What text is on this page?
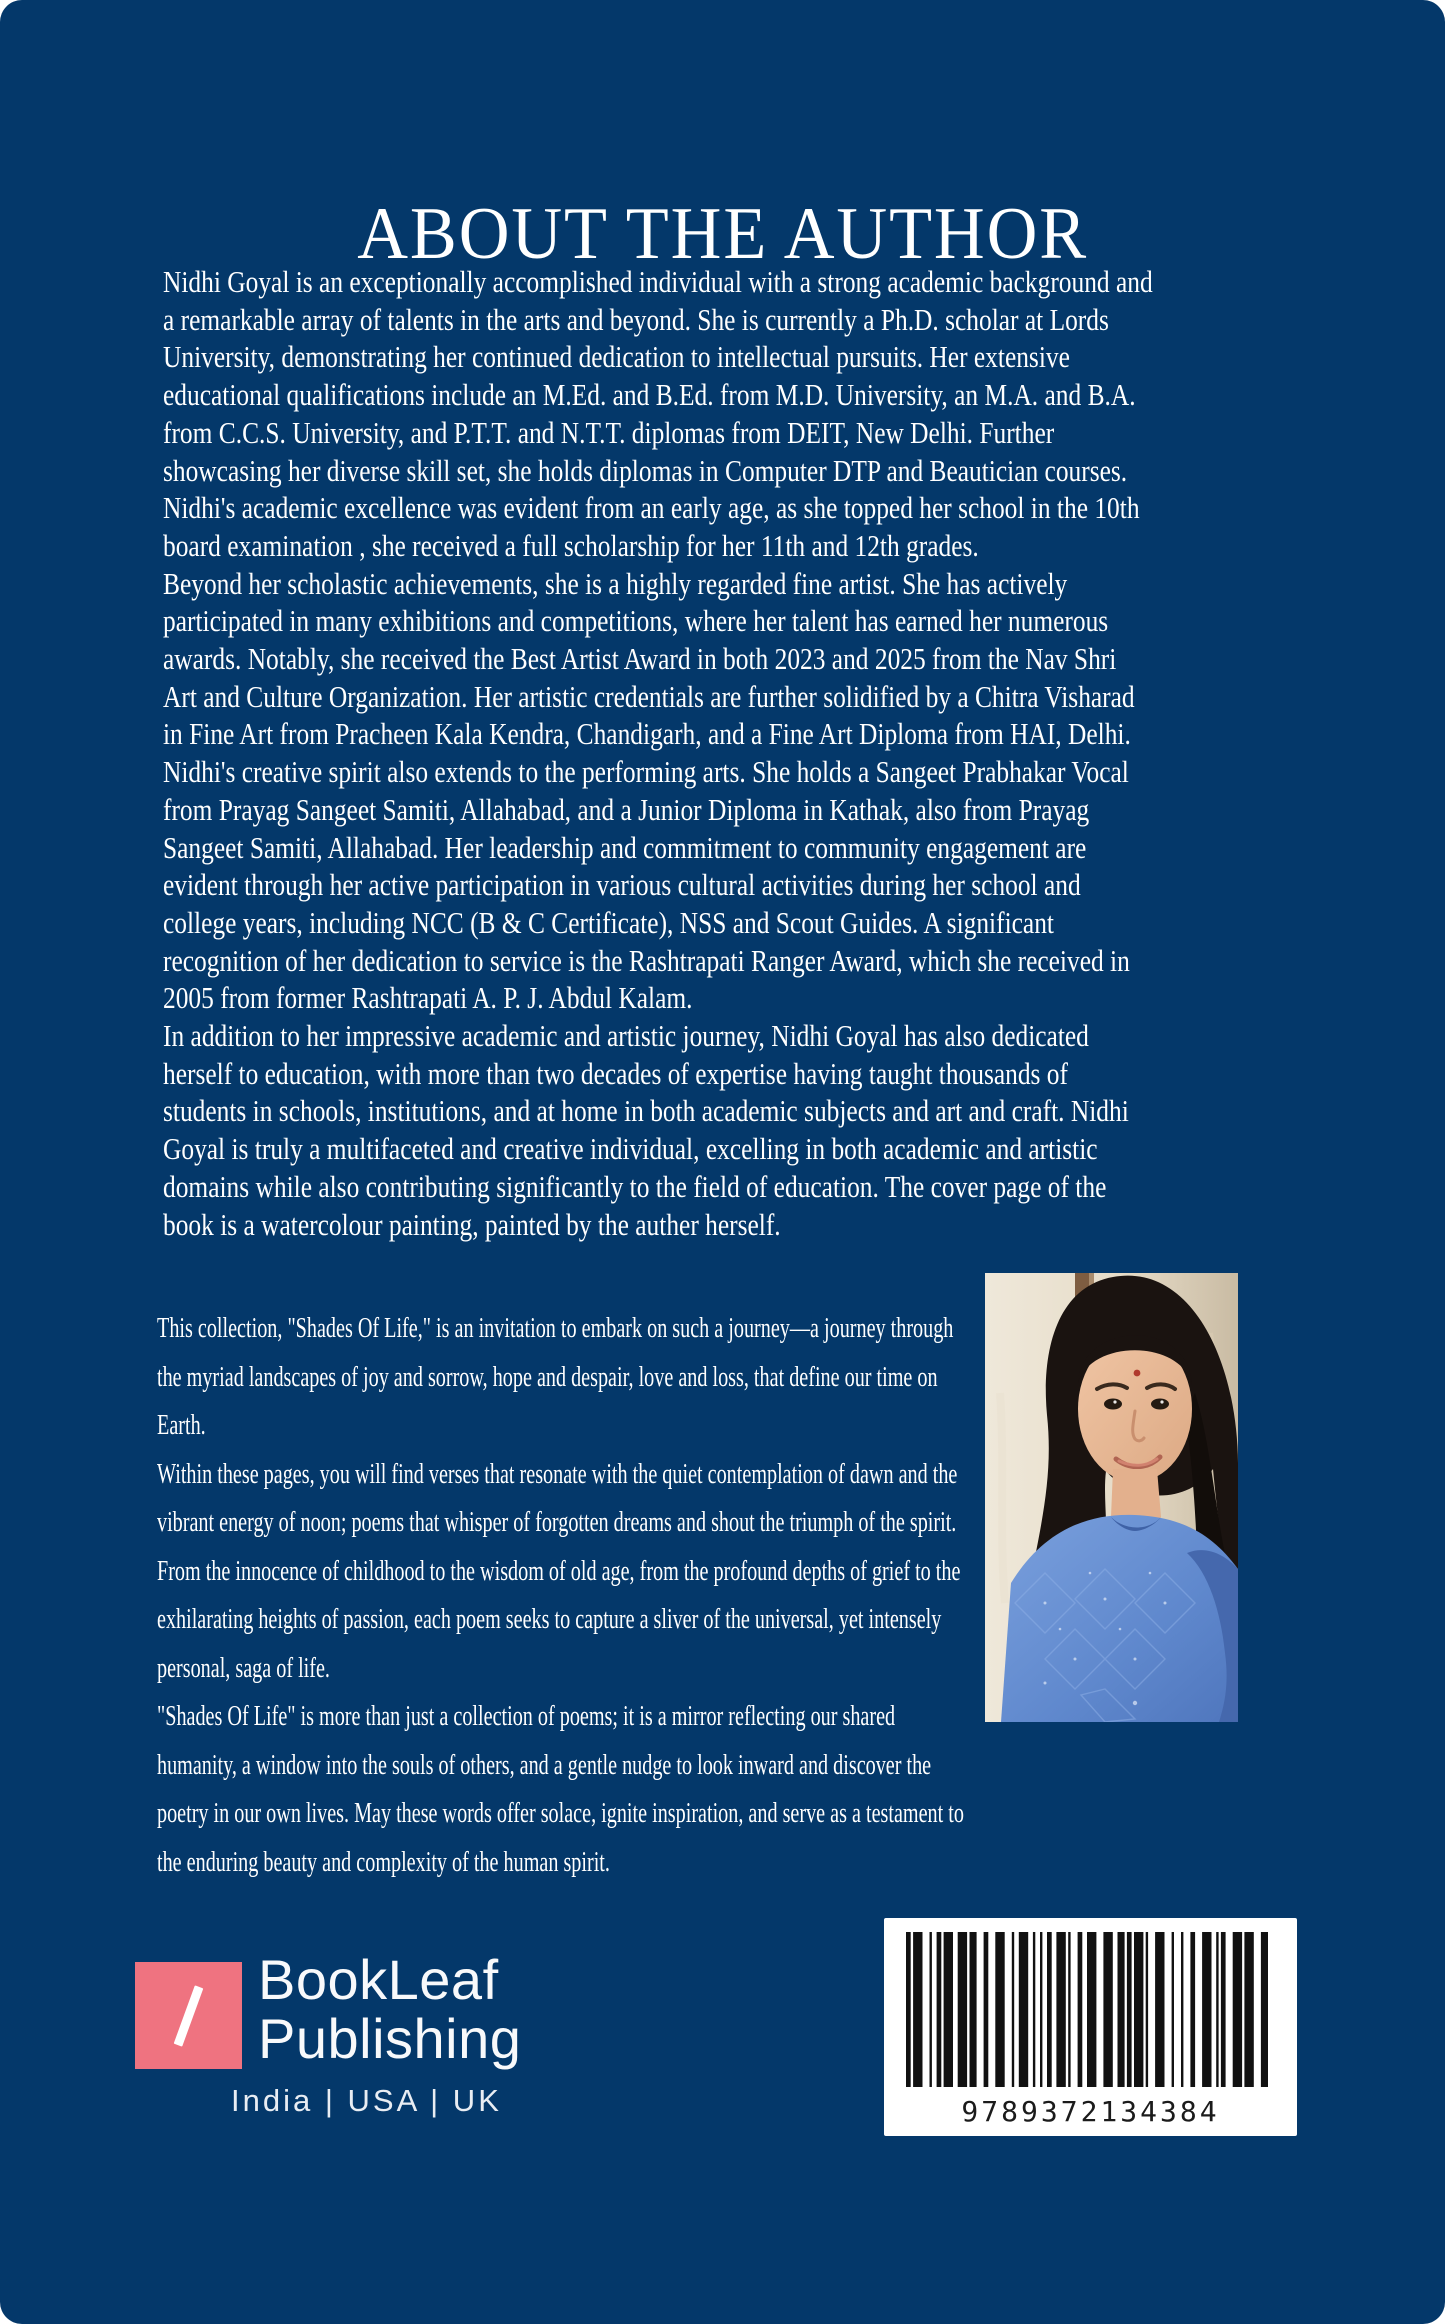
ABOUT THE AUTHOR
Nidhi Goyal is an exceptionally accomplished individual with a strong academic background and
a remarkable array of talents in the arts and beyond. She is currently a Ph.D. scholar at Lords
University, demonstrating her continued dedication to intellectual pursuits. Her extensive
educational qualifications include an M.Ed. and B.Ed. from M.D. University, an M.A. and B.A.
from C.C.S. University, and P.T.T. and N.T.T. diplomas from DEIT, New Delhi. Further
showcasing her diverse skill set, she holds diplomas in Computer DTP and Beautician courses.
Nidhi's academic excellence was evident from an early age, as she topped her school in the 10th
board examination , she received a full scholarship for her 11th and 12th grades.
Beyond her scholastic achievements, she is a highly regarded fine artist. She has actively
participated in many exhibitions and competitions, where her talent has earned her numerous
awards. Notably, she received the Best Artist Award in both 2023 and 2025 from the Nav Shri
Art and Culture Organization. Her artistic credentials are further solidified by a Chitra Visharad
in Fine Art from Pracheen Kala Kendra, Chandigarh, and a Fine Art Diploma from HAI, Delhi.
Nidhi's creative spirit also extends to the performing arts. She holds a Sangeet Prabhakar Vocal
from Prayag Sangeet Samiti, Allahabad, and a Junior Diploma in Kathak, also from Prayag
Sangeet Samiti, Allahabad. Her leadership and commitment to community engagement are
evident through her active participation in various cultural activities during her school and
college years, including NCC (B & C Certificate), NSS and Scout Guides. A significant
recognition of her dedication to service is the Rashtrapati Ranger Award, which she received in
2005 from former Rashtrapati A. P. J. Abdul Kalam.
In addition to her impressive academic and artistic journey, Nidhi Goyal has also dedicated
herself to education, with more than two decades of expertise having taught thousands of
students in schools, institutions, and at home in both academic subjects and art and craft. Nidhi
Goyal is truly a multifaceted and creative individual, excelling in both academic and artistic
domains while also contributing significantly to the field of education. The cover page of the
book is a watercolour painting, painted by the auther herself.
This collection, "Shades Of Life," is an invitation to embark on such a journey—a journey through
the myriad landscapes of joy and sorrow, hope and despair, love and loss, that define our time on
Earth.
Within these pages, you will find verses that resonate with the quiet contemplation of dawn and the
vibrant energy of noon; poems that whisper of forgotten dreams and shout the triumph of the spirit.
From the innocence of childhood to the wisdom of old age, from the profound depths of grief to the
exhilarating heights of passion, each poem seeks to capture a sliver of the universal, yet intensely
personal, saga of life.
"Shades Of Life" is more than just a collection of poems; it is a mirror reflecting our shared
humanity, a window into the souls of others, and a gentle nudge to look inward and discover the
poetry in our own lives. May these words offer solace, ignite inspiration, and serve as a testament to
the enduring beauty and complexity of the human spirit.
BookLeaf
Publishing
India | USA | UK	9789372134384
